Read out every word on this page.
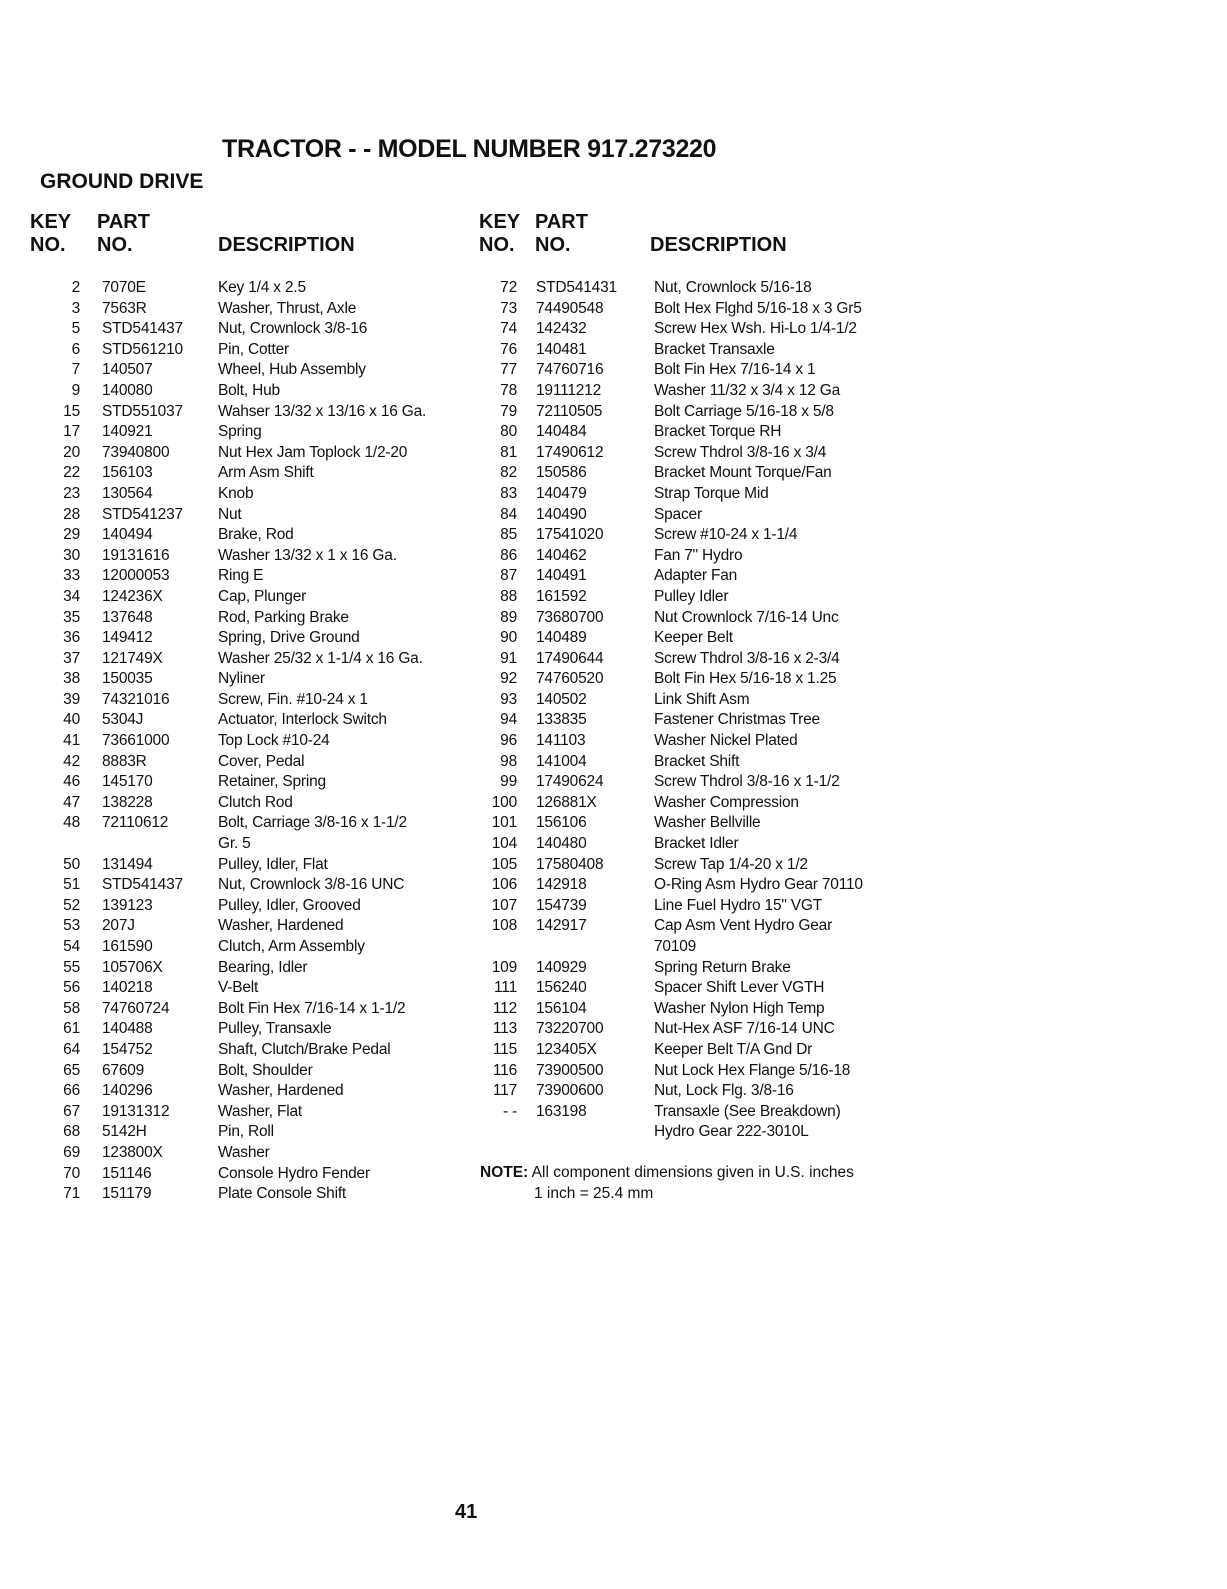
TRACTOR - - MODEL NUMBER 917.273220
GROUND DRIVE
KEY
NO.
PART
NO.	DESCRIPTION
2 7070E	Key 1/4 x 2.5
3 7563R	Washer, Thrust, Axle
5 STD541437 Nut, Crownlock 3/8-16
6 STD561210 Pin, Cotter
7 140507	Wheel, Hub Assembly
9 140080	Bolt, Hub
15 STD551037 Wahser 13/32 x 13/16 x 16 Ga.
17 140921	Spring
20 73940800	Nut Hex Jam Toplock 1/2-20
22 156103	Arm Asm Shift
23 130564	Knob
28 STD541237 Nut
29 140494	Brake, Rod
30 19131616	Washer 13/32 x 1 x 16 Ga.
33 12000053	Ring E
34 124236X	Cap, Plunger
35 137648	Rod, Parking Brake
36 149412	Spring, Drive Ground
37 121749X	Washer 25/32 x 1-1/4 x 16 Ga.
38 150035	Nyliner
39 74321016	Screw, Fin. #10-24 x 1
40 5304J	Actuator, Interlock Switch
41 73661000	Top Lock #10-24
42 8883R	Cover, Pedal
46 145170	Retainer, Spring
47 138228	Clutch Rod
48 72110612	Bolt, Carriage 3/8-16 x 1-1/2
Gr. 5
50 131494	Pulley, Idler, Flat
51 STD541437 Nut, Crownlock 3/8-16 UNC
52 139123	Pulley, Idler, Grooved
53 207J	Washer, Hardened
54 161590	Clutch, Arm Assembly
55 105706X	Bearing, Idler
56 140218	V-Belt
58 74760724	Bolt Fin Hex 7/16-14 x 1-1/2
61 140488	Pulley, Transaxle
64 154752	Shaft, Clutch/Brake Pedal
65 67609	Bolt, Shoulder
66 140296	Washer, Hardened
67 19131312	Washer, Flat
68 5142H	Pin, Roll
69 123800X	Washer
70 151146	Console Hydro Fender
71 151179	Plate Console Shift
KEY
NO.
PART
NO.	DESCRIPTION
72 STD541431 Nut, Crownlock 5/16-18
73 74490548	Bolt Hex Flghd 5/16-18 x 3 Gr5
74 142432	Screw Hex Wsh. Hi-Lo 1/4-1/2
76 140481	Bracket Transaxle
77 74760716	Bolt Fin Hex 7/16-14 x 1
78 19111212	Washer 11/32 x 3/4 x 12 Ga
79 72110505	Bolt Carriage 5/16-18 x 5/8
80 140484	Bracket Torque RH
81 17490612	Screw Thdrol 3/8-16 x 3/4
82 150586	Bracket Mount Torque/Fan
83 140479	Strap Torque Mid
84 140490	Spacer
85 17541020	Screw #10-24 x 1-1/4
86 140462	Fan 7" Hydro
87 140491	Adapter Fan
88 161592	Pulley Idler
89 73680700	Nut Crownlock 7/16-14 Unc
90 140489	Keeper Belt
91 17490644	Screw Thdrol 3/8-16 x 2-3/4
92 74760520	Bolt Fin Hex 5/16-18 x 1.25
93 140502	Link Shift Asm
94 133835	Fastener Christmas Tree
96 141103	Washer Nickel Plated
98 141004	Bracket Shift
99 17490624	Screw Thdrol 3/8-16 x 1-1/2
100 126881X	Washer Compression
101 156106	Washer Bellville
104 140480	Bracket Idler
105 17580408	Screw Tap 1/4-20 x 1/2
106 142918	O-Ring Asm Hydro Gear 70110
107 154739	Line Fuel Hydro 15" VGT
108 142917	Cap Asm Vent Hydro Gear
70109
109 140929	Spring Return Brake
111 156240	Spacer Shift Lever VGTH
112 156104	Washer Nylon High Temp
113 73220700	Nut-Hex ASF 7/16-14 UNC
115 123405X	Keeper Belt T/A Gnd Dr
116 73900500	Nut Lock Hex Flange 5/16-18
117 73900600	Nut, Lock Flg. 3/8-16
- - 163198	Transaxle (See Breakdown)
Hydro Gear 222-3010L
NOTE: All component dimensions given in U.S. inches
1 inch = 25.4 mm
41
